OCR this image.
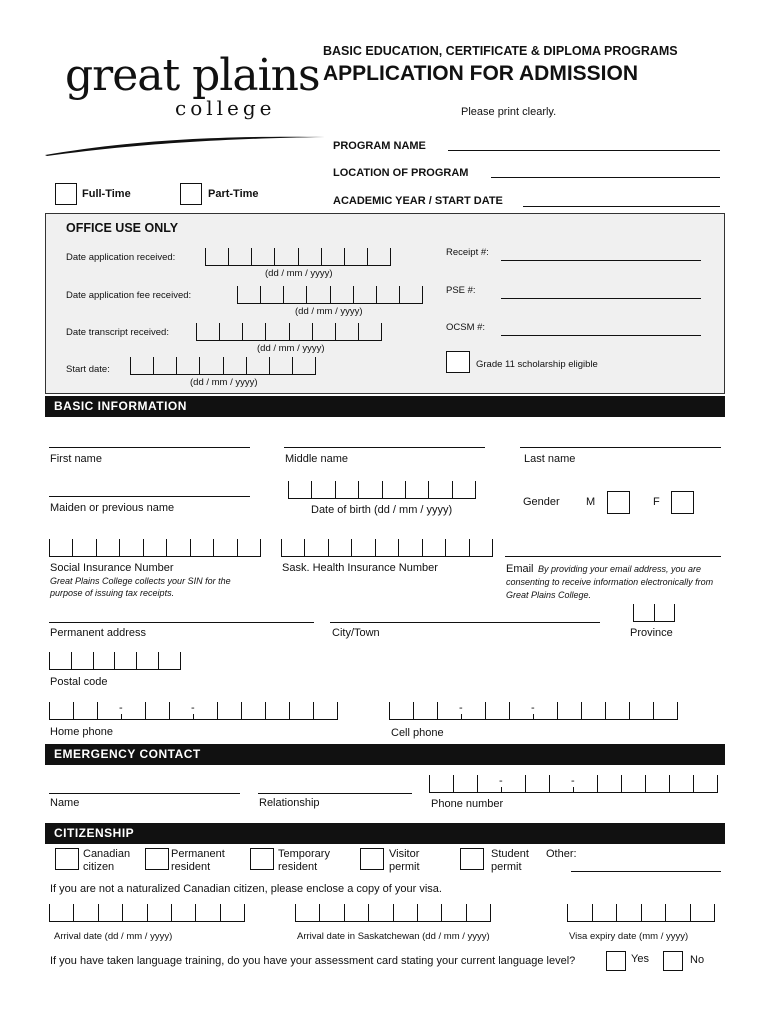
great plains
college
BASIC EDUCATION, CERTIFICATE & DIPLOMA PROGRAMS
APPLICATION FOR ADMISSION
Please print clearly.
PROGRAM NAME
LOCATION OF PROGRAM
ACADEMIC YEAR / START DATE
Full-Time	Part-Time
OFFICE USE ONLY
Date application received:
(dd / mm / yyyy)
Date application fee received:
(dd / mm / yyyy)
Date transcript received:
(dd / mm / yyyy)
Start date:
(dd / mm / yyyy)
Receipt #:
PSE #:
OCSM #:
Grade 11 scholarship eligible
BASIC INFORMATION
First name	Middle name	Last name
Maiden or previous name	Date of birth (dd / mm / yyyy)
Gender M	F
Social Insurance Number
Great Plains College collects your SIN for the purpose of issuing tax receipts.
Sask. Health Insurance Number	Email By providing your email address, you are consenting to receive information electronically from Great Plains College.
Permanent address	City/Town	Province
Postal code
-
-
Home phone
-
-	Cell phone
EMERGENCY CONTACT
Name	Relationship
-
-	Phone number
CITIZENSHIP
Canadian
citizen
Permanent
resident
Temporary
resident
Visitor
permit
Student
permit
Other:
If you are not a naturalized Canadian citizen, please enclose a copy of your visa.
Arrival date (dd / mm / yyyy)	Arrival date in Saskatchewan (dd / mm / yyyy)	Visa expiry date (mm / yyyy)
If you have taken language training, do you have your assessment card stating your current language level?	Yes	No
